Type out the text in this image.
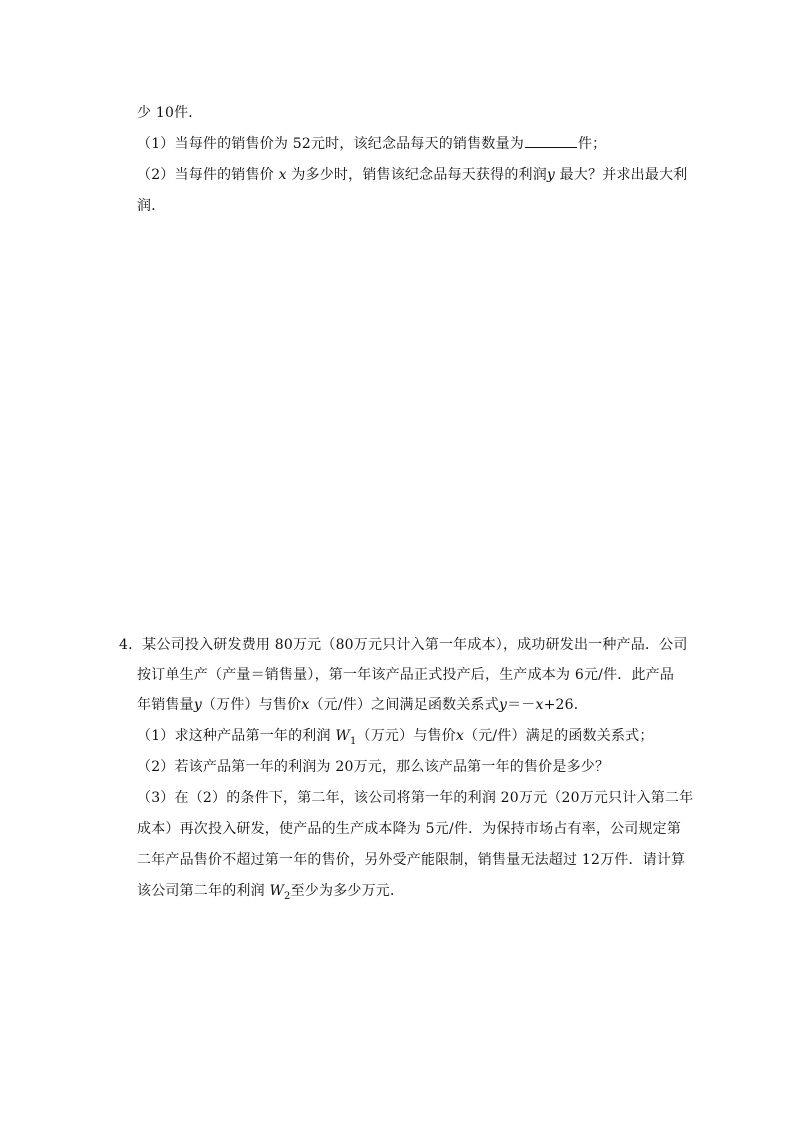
少 10件．
（1）当每件的销售价为 52元时，该纪念品每天的销售数量为	件；
（2）当每件的销售价 x 为多少时，销售该纪念品每天获得的利润y 最大？并求出最大利
润．
4．某公司投入研发费用 80万元（80万元只计入第一年成本），成功研发出一种产品．公司
按订单生产（产量＝销售量），第一年该产品正式投产后，生产成本为 6元/件．此产品
年销售量y（万件）与售价x（元/件）之间满足函数关系式y＝－x+26．
（1）求这种产品第一年的利润 $W_1$（万元）与售价x（元/件）满足的函数关系式；
（2）若该产品第一年的利润为 20万元，那么该产品第一年的售价是多少？
（3）在（2）的条件下，第二年，该公司将第一年的利润 20万元（20万元只计入第二年
成本）再次投入研发，使产品的生产成本降为 5元/件．为保持市场占有率，公司规定第
二年产品售价不超过第一年的售价，另外受产能限制，销售量无法超过 12万件．请计算
该公司第二年的利润 $W_2$至少为多少万元．
